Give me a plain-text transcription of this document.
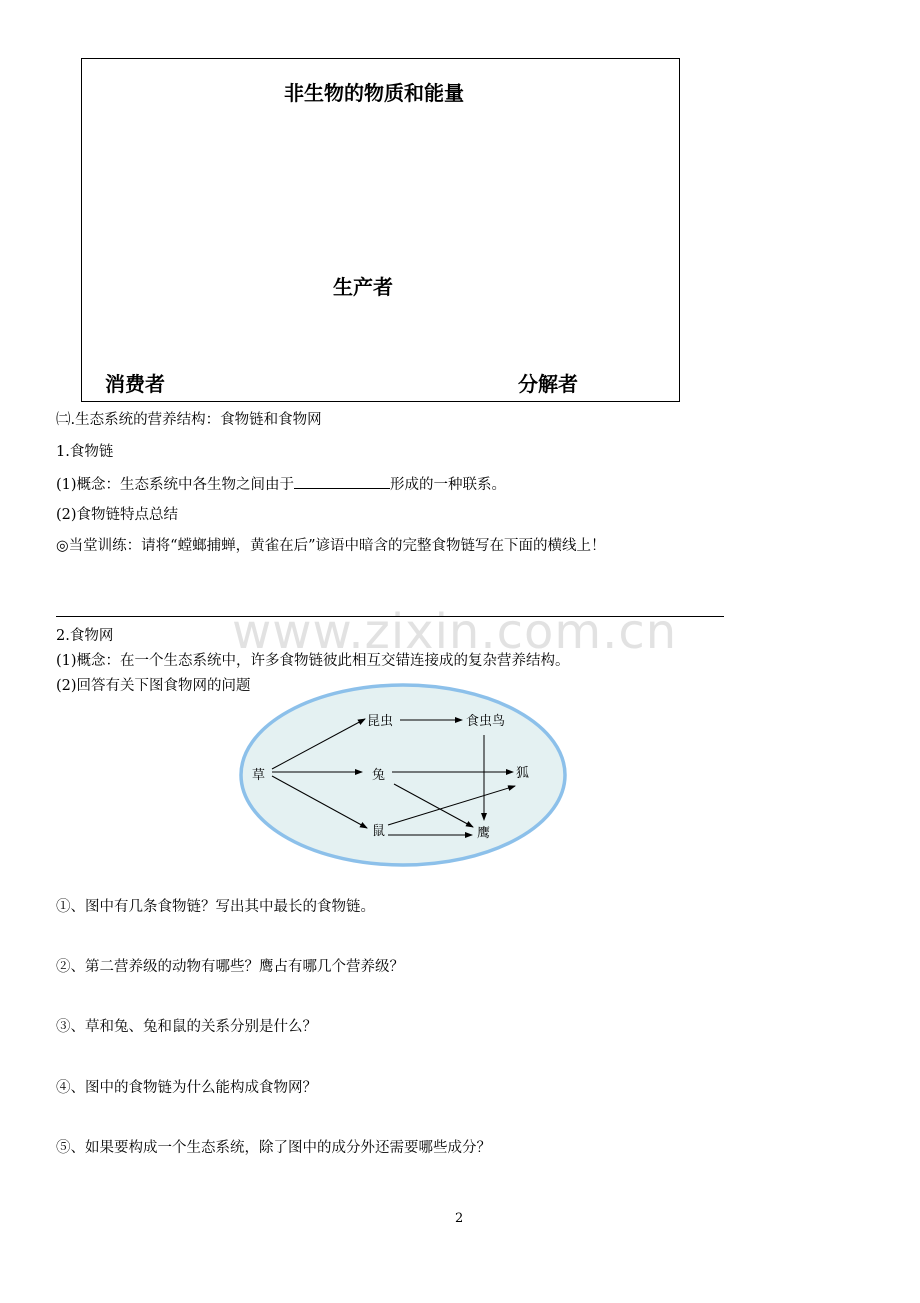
www.zixin.com.cn
非生物的物质和能量
生产者
消费者	分解者
㈡.生态系统的营养结构：食物链和食物网
1.食物链
(1)概念：生态系统中各生物之间由于	形成的一种联系。
(2)食物链特点总结
◎当堂训练：请将“螳螂捕蝉，黄雀在后”谚语中暗含的完整食物链写在下面的横线上！
2.食物网
(1)概念：在一个生态系统中，许多食物链彼此相互交错连接成的复杂营养结构。
(2)回答有关下图食物网的问题
草
昆虫	食虫鸟
兔	狐
鼠	鹰
①、图中有几条食物链？写出其中最长的食物链。
②、第二营养级的动物有哪些？鹰占有哪几个营养级？
③、草和兔、兔和鼠的关系分别是什么？
④、图中的食物链为什么能构成食物网？
⑤、如果要构成一个生态系统，除了图中的成分外还需要哪些成分？
2
